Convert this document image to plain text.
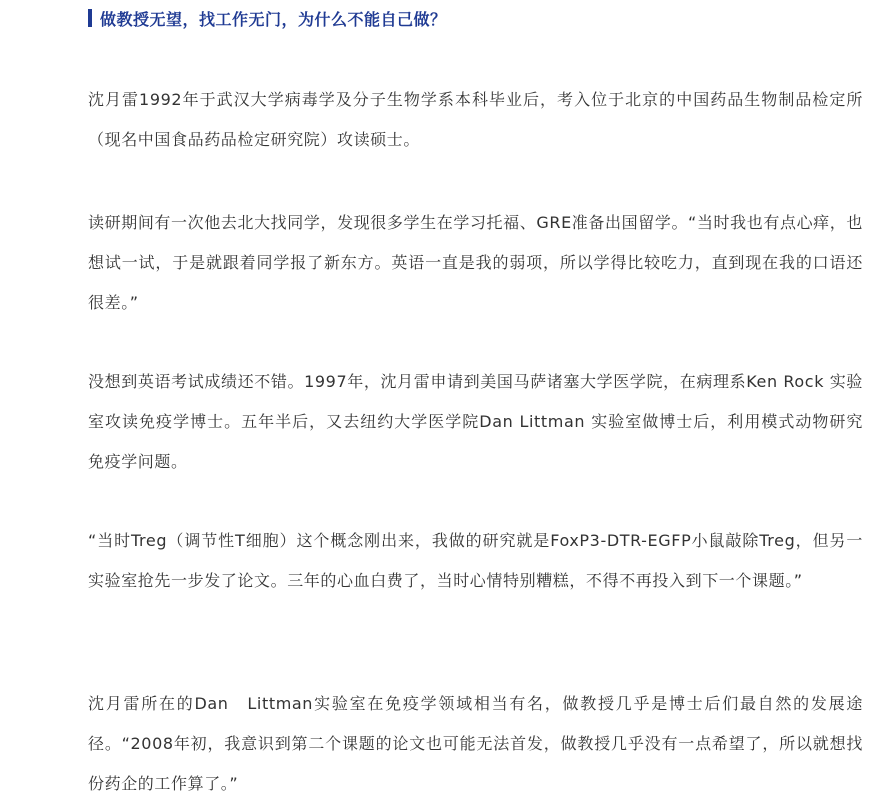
做教授无望，找工作无门，为什么不能自己做？

沈月雷1992年于武汉大学病毒学及分子生物学系本科毕业后，考入位于北京的中国药品生物制品检定所（现名中国食品药品检定研究院）攻读硕士。

读研期间有一次他去北大找同学，发现很多学生在学习托福、GRE准备出国留学。“当时我也有点心痒，也想试一试，于是就跟着同学报了新东方。英语一直是我的弱项，所以学得比较吃力，直到现在我的口语还很差。”

没想到英语考试成绩还不错。1997年，沈月雷申请到美国马萨诸塞大学医学院，在病理系Ken Rock 实验室攻读免疫学博士。五年半后，又去纽约大学医学院Dan Littman 实验室做博士后，利用模式动物研究免疫学问题。

“当时Treg（调节性T细胞）这个概念刚出来，我做的研究就是FoxP3-DTR-EGFP小鼠敲除Treg，但另一实验室抢先一步发了论文。三年的心血白费了，当时心情特别糟糕，不得不再投入到下一个课题。”

沈月雷所在的Dan　Littman实验室在免疫学领域相当有名，做教授几乎是博士后们最自然的发展途径。“2008年初，我意识到第二个课题的论文也可能无法首发，做教授几乎没有一点希望了，所以就想找份药企的工作算了。”
